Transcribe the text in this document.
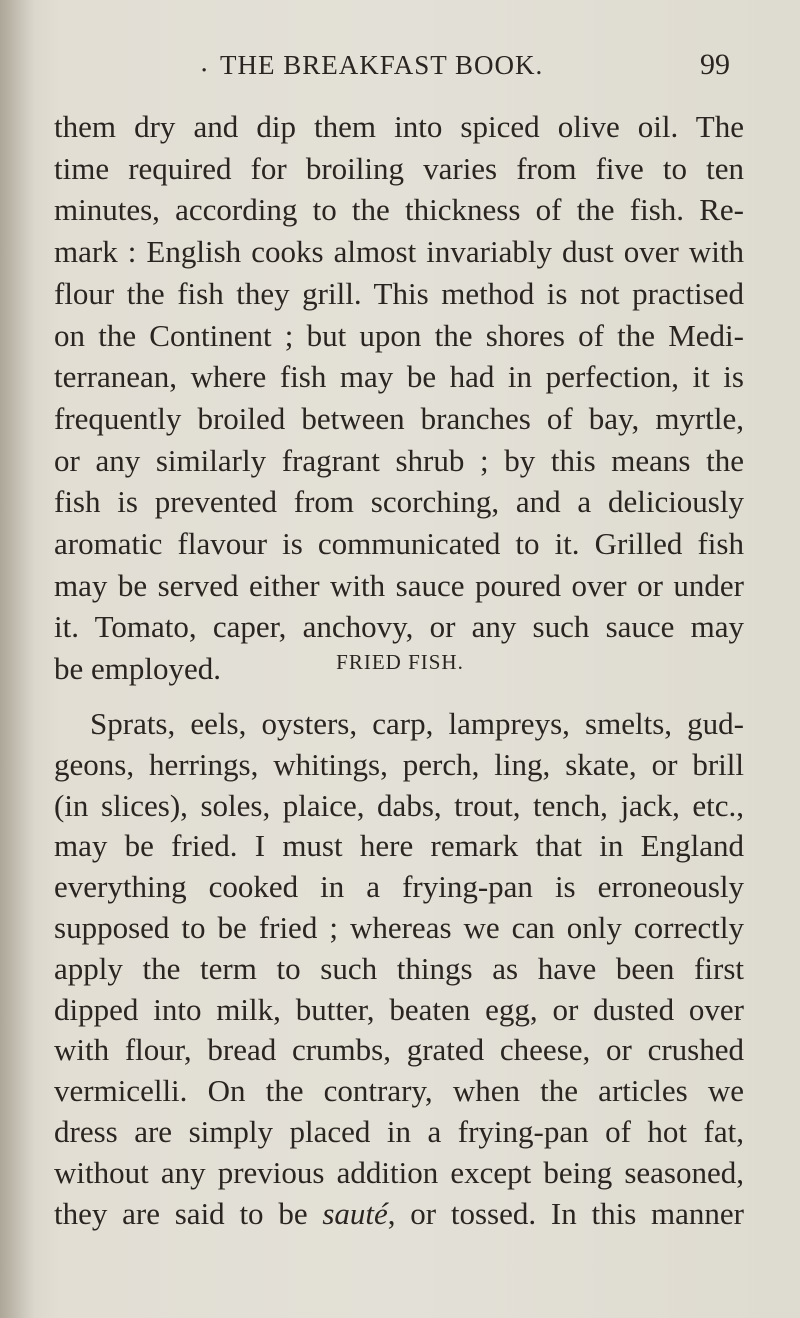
. THE BREAKFAST BOOK.	99
them dry and dip them into spiced olive oil. The
time required for broiling varies from five to ten
minutes, according to the thickness of the fish. Re-
mark : English cooks almost invariably dust over with
flour the fish they grill. This method is not practised
on the Continent ; but upon the shores of the Medi-
terranean, where fish may be had in perfection, it is
frequently broiled between branches of bay, myrtle,
or any similarly fragrant shrub ; by this means the
fish is prevented from scorching, and a deliciously
aromatic flavour is communicated to it. Grilled fish
may be served either with sauce poured over or under
it. Tomato, caper, anchovy, or any such sauce may
be employed.	FRIED FISH.
Sprats, eels, oysters, carp, lampreys, smelts, gud-
geons, herrings, whitings, perch, ling, skate, or brill
(in slices), soles, plaice, dabs, trout, tench, jack, etc.,
may be fried. I must here remark that in England
everything cooked in a frying-pan is erroneously
supposed to be fried ; whereas we can only correctly
apply the term to such things as have been first
dipped into milk, butter, beaten egg, or dusted over
with flour, bread crumbs, grated cheese, or crushed
vermicelli. On the contrary, when the articles we
dress are simply placed in a frying-pan of hot fat,
without any previous addition except being seasoned,
they are said to be sauté, or tossed. In this manner
